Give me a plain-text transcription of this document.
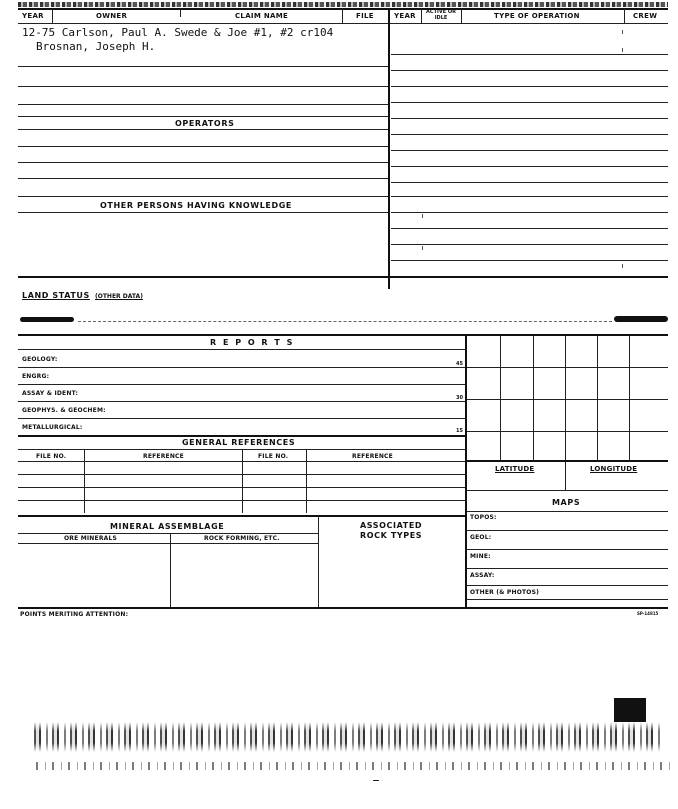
YEAR	OWNER	CLAIM NAME	FILE	YEAR	ACTIVE OR IDLE	TYPE OF OPERATION	CREW
12-75 Carlson, Paul A. Swede & Joe #1, #2 cr104
Brosnan, Joseph H.
OPERATORS
OTHER PERSONS HAVING KNOWLEDGE
LAND STATUS (OTHER DATA)
R E P O R T S
GEOLOGY:
45
ENGRG:
ASSAY & IDENT:
30
GEOPHYS. & GEOCHEM:
METALLURGICAL:	15
GENERAL REFERENCES
FILE NO.	REFERENCE	FILE NO.	REFERENCE
MINERAL ASSEMBLAGE	ASSOCIATED
ROCK TYPES
ORE MINERALS	ROCK FORMING, ETC.
LATITUDE	LONGITUDE
MAPS
TOPOS:
GEOL:
MINE:
ASSAY:
OTHER (& PHOTOS)
POINTS MERITING ATTENTION:	SP-14815
